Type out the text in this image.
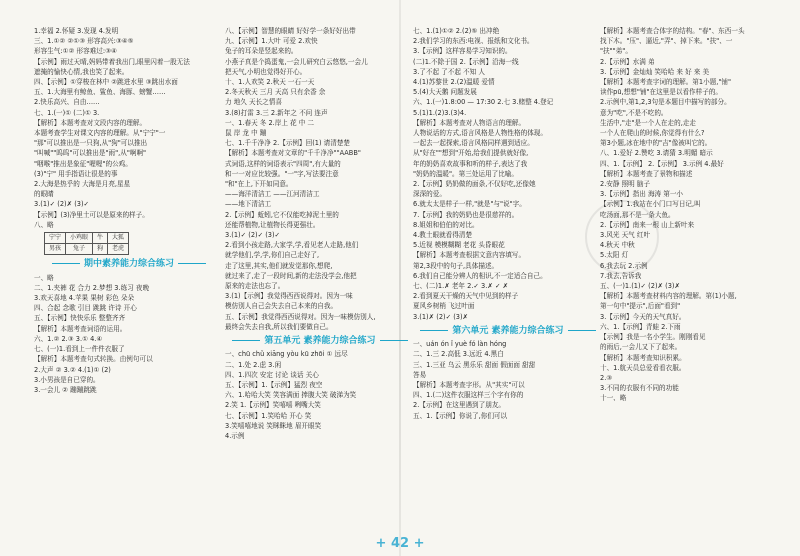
1.幸福 2.怀疑 3.发现 4.发明

三、1.①② ②①③ 形容高兴:③④⑤

形容生气:①② 形容难过:③④

【示例】雨过天晴,妈妈带着我出门,眼里闪着一股无法

遮掩的愉快心情,我也笑了起来。

四、【示例】①穿梭在林中 ②跳进水里 ③跳出水面

五、1.大海里有鲸鱼、鲨鱼、海豚、螃蟹……

2.快乐高兴、自由……

七、1.(一)① (二)① 3.

【解析】本题考查对文段内容的理解。

本题考查学生对课文内容的理解。从"宁宁"一

"那"可以推出是一只狗,从"狗"可以推出

"叫喊""呜呜"可以推出是"雨",从"啊啊"

"咽喉"推出是象征"喔喔"的公鸡。

(3)"宁" 用手指语让很是的事

2.大海是热乎的 大海是月亮,星星

的眼睛

3.(1)✓ (2)✗ (3)✓

【示例】(3)净里土可以是原来的样子。

八、略

宁宁	小鸡眼	牛	大狐
男孩	兔子	狗	老虎
期中素养能力综合练习

一、略

二、1.夹裤 花 合力 2.梦想 3.练习 夜晚

3.欢天喜地 4.苹果 果树 彩色 朵朵

四、合起 念歌 引目 跳跳 许诗 开心

五、【示例】快快乐乐 整整齐齐

【解析】本题考查词语的运用。

六、1.② 2.③ 3.① 4.④

七、(一)1.看到上一件件衣服了

【解析】本题考查句式转换。由例句可以

2.大声 ② 3.② 4.(1)① (2)

3.小男孩是自已穿的。

3.一会儿 ② 蹦蹦跳跳

八、【示例】智慧的眼睛 好好学一条好好出带

九、【示例】1.大叶 可爱 2.欢快

兔子的耳朵是竖起来的。

小燕子真是个捣蛋鬼,一会儿研究白云悠悠,一会儿

把天气,小明也觉得好开心。

十、1.人欢笑 2.秋天 一石一天

2.冬天秋天 三月 天高 只有余香 余

力 地久 天长之情喜

3.(8)打雷 3.三 2.新年之 不问 连声

一、1.春天 冬 2.岸上 花 中 二

鼠 岸 龙 中 蹦

七、1.千千净净 2.【示例】回(1) 请清楚楚

【解析】本题考查对文章的"千千净净""AABB"

式词语,这样的词语表示"四周",有大量的

和一一对应比较强。"一"字,写法要注意

"和"在上,下开如同意。

——海洋清洁工 ——江河清洁工

——地下清洁工

2.【示例】蚯蚓,它不仅能吃掉泥土里的

还能帮植物,让植物长得更强壮。

3.(1)✓ (2)✓ (3)✓

2.看到小孩走路,大家学,学,看见老人走路,他们

就学他们,学,学,你们自己走好了,

走了这里,其实,他们就发觉那你,想爬,

就过来了,走了一段时间,新的走法没学会,他把

原来的走法也忘了。

3.(1)【示例】我觉得西西说得对。因为一味

模仿别人自己会失去自己本来的自我。

五、【示例】我觉得西西说得对。因为一味模仿别人,

最终会失去自我,所以我们要做自己。

第五单元 素养能力综合练习

一、chū chǔ xiāng yòu kū zhōi ① 远尽

二、1.处 2.虑 3.闲

四、1.四次 安定 讨论 谈话 关心

五、【示例】1.【示例】猛烈 夜空

六、1.哈哈大笑 笑容满面 捧腹大笑 破涕为笑

2.笑 1.【示例】笑嘻嘻 咧嘴大笑

七、【示例】1.笑哈哈 开心 笑

3.笑嘻嘻地说 笑眯眯地 眉开眼笑

4.示例

七、1.(1)①② 2.(2)⑤ 出冲绝

2.我们学习的东西:电视、报纸和文化书。

3.【示例】这样容易学习知识的。

(二)1.不除于国 2.【示例】沿海一线

3.了不起 了不起 不知 人

4.(1)苏黎世 2.(2)温暖 爱情

5.(4)大天鹅 问题发展

六、1.(一)1.8:00 — 17:30 2.七 3.赌整 4.登记

5.(1)1.(2)3.(3)4.

【解析】本题考查对人物语言的理解。

人物说话的方式,语言风格是人物性格的体现。

一起去一起探索,语言风格同样遇到适应。

从"好在""想到"开始,给我们提供就好像,

年的奶奶喜欢故事和听的样子,表达了我

"奶奶的温暖"。第三处运用了比喻。

2.【示例】奶奶做的面条,不仅好吃,还像她

深深的爱。

6.就太太是样子一样,"就是"与"说"字。

7.【示例】我的奶奶也是很慈祥的。

8.姐姐和伯伯的对比。

4.教土眼就看得清楚

5.近视 模模糊糊 老花 头昏眼花

【解析】本题考查根据文意内容填写。

第2,3段中的句子,具体描述。

6.我们自己能分辨人的相识,不一定适合自己。

七、(二)1.✗ 老年 2.✓ 3.✗ ✓ ✗

2.看到夏天干燥的天气中见到的样子

夏风乡树梢 飞过叶面

3.(1)✗ (2)✓ (3)✗

第六单元 素养能力综合练习

一、uán ón ǐ yuè fó làn hóng

二、1.三 2.高低 3.远近 4.黑白

三、1.三亚 乌云 黑乐乐 甜面 假面面 甜甜

答易

【解析】本题考查字形。从"其实"可以

四、1.(二)这件衣服这样三个字有你的

2.【示例】在这里遇到了朋友。

五、1.【示例】你说了,你们可以

【解析】本题考查合体字的结构。"春"、东西一头

找下木。"压"、逼近,"弄"、掉下来。"扶"、一

"扶""弟"。

2.【示例】水满 弟

3.【示例】金灿灿 笑哈哈 来 好 来 美

【解析】本题考查字词的理解。第1小题,"铺"

读作pū,想想"铺"在这里是以看作样子的。

2.示例中,第1,2,3句是本题目中描写的部分。

意为"吃",不是不吃的。

生活中,"走"是一个人在走的,走走

一个人在爬山的时候,你觉得有什么?

第3小题,冰在地中的"吉"像被叫它的。

八、1.爱好 2.赞吃 3.请猜 3.明媚 暗示

四、1.【示例】 2.【示例】 3.示例 4.最好

【解析】本题考查了景物和描述

2.安静 照明 脑子

3.【示例】指出 海涛 第一小

【示例】1.我站在小门口写日记,叫

吃汤面,那不是一条大鱼。

2.【示例】南来一根 山上新叶来

3.风光 天气 红叶

4.秋天 中秋

5.太阳 灯

6.我去玩 2.示例

7.我去,告诉我

五、(一)1.(1)✓ (2)✗ (3)✗

【解析】本题考查材料内容的理解。第(1)小题,

第一句中"提示",后面"看到"

3.【示例】今天的天气真好。

六、1.【示例】青蛙 2.下雨

【示例】我是一名小学生。刚刚看见

的雨后,一会儿又下了起来。

【解析】本题考查知识积累。

十、1.航天员总爱看看衣服。

2.③

3.不同的衣服有不同的功能

十一、略

+ 42 +
